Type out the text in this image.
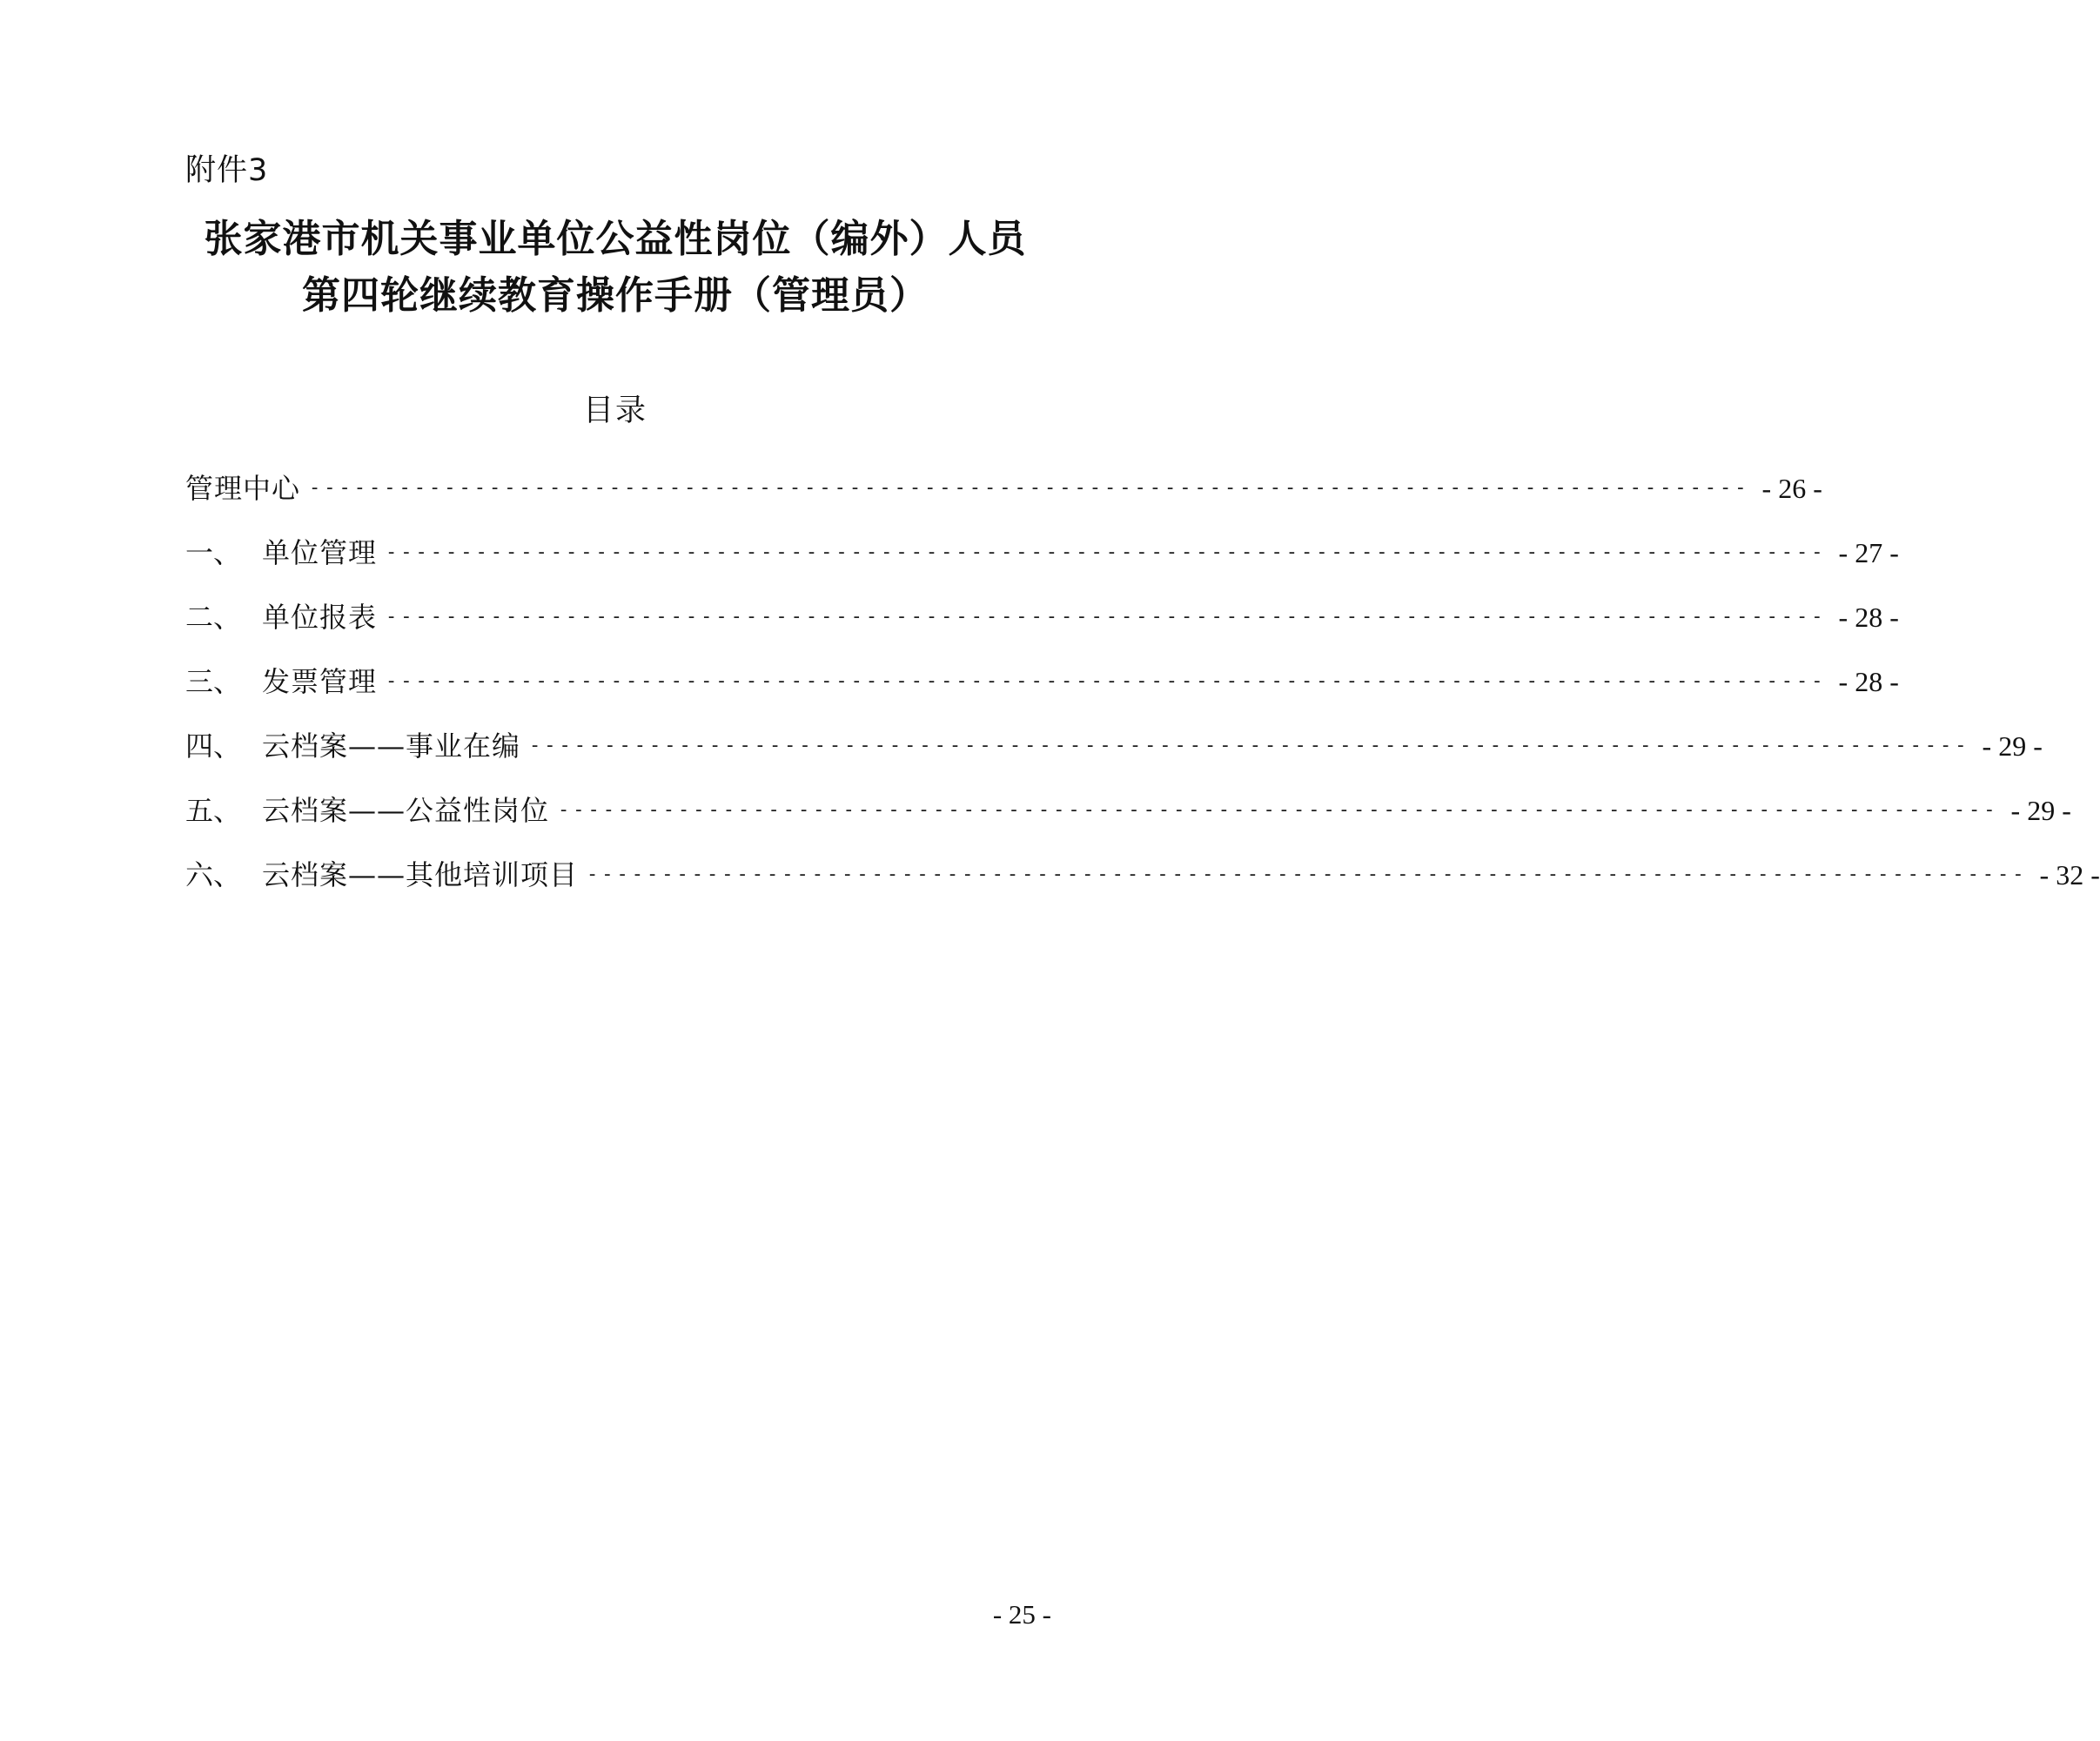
附件3
张家港市机关事业单位公益性岗位（编外）人员
第四轮继续教育操作手册（管理员）
目录
管理中心 ------------------------------------------------------------------------------------------------ - 26 -
一、 单位管理 ------------------------------------------------------------------------------------------------ - 27 -
二、 单位报表 ------------------------------------------------------------------------------------------------ - 28 -
三、 发票管理 ------------------------------------------------------------------------------------------------ - 28 -
四、 云档案——事业在编 ------------------------------------------------------------------------------------------------ - 29 -
五、 云档案——公益性岗位 ------------------------------------------------------------------------------------------------ - 29 -
六、 云档案——其他培训项目 ------------------------------------------------------------------------------------------------ - 32 -
- 25 -
